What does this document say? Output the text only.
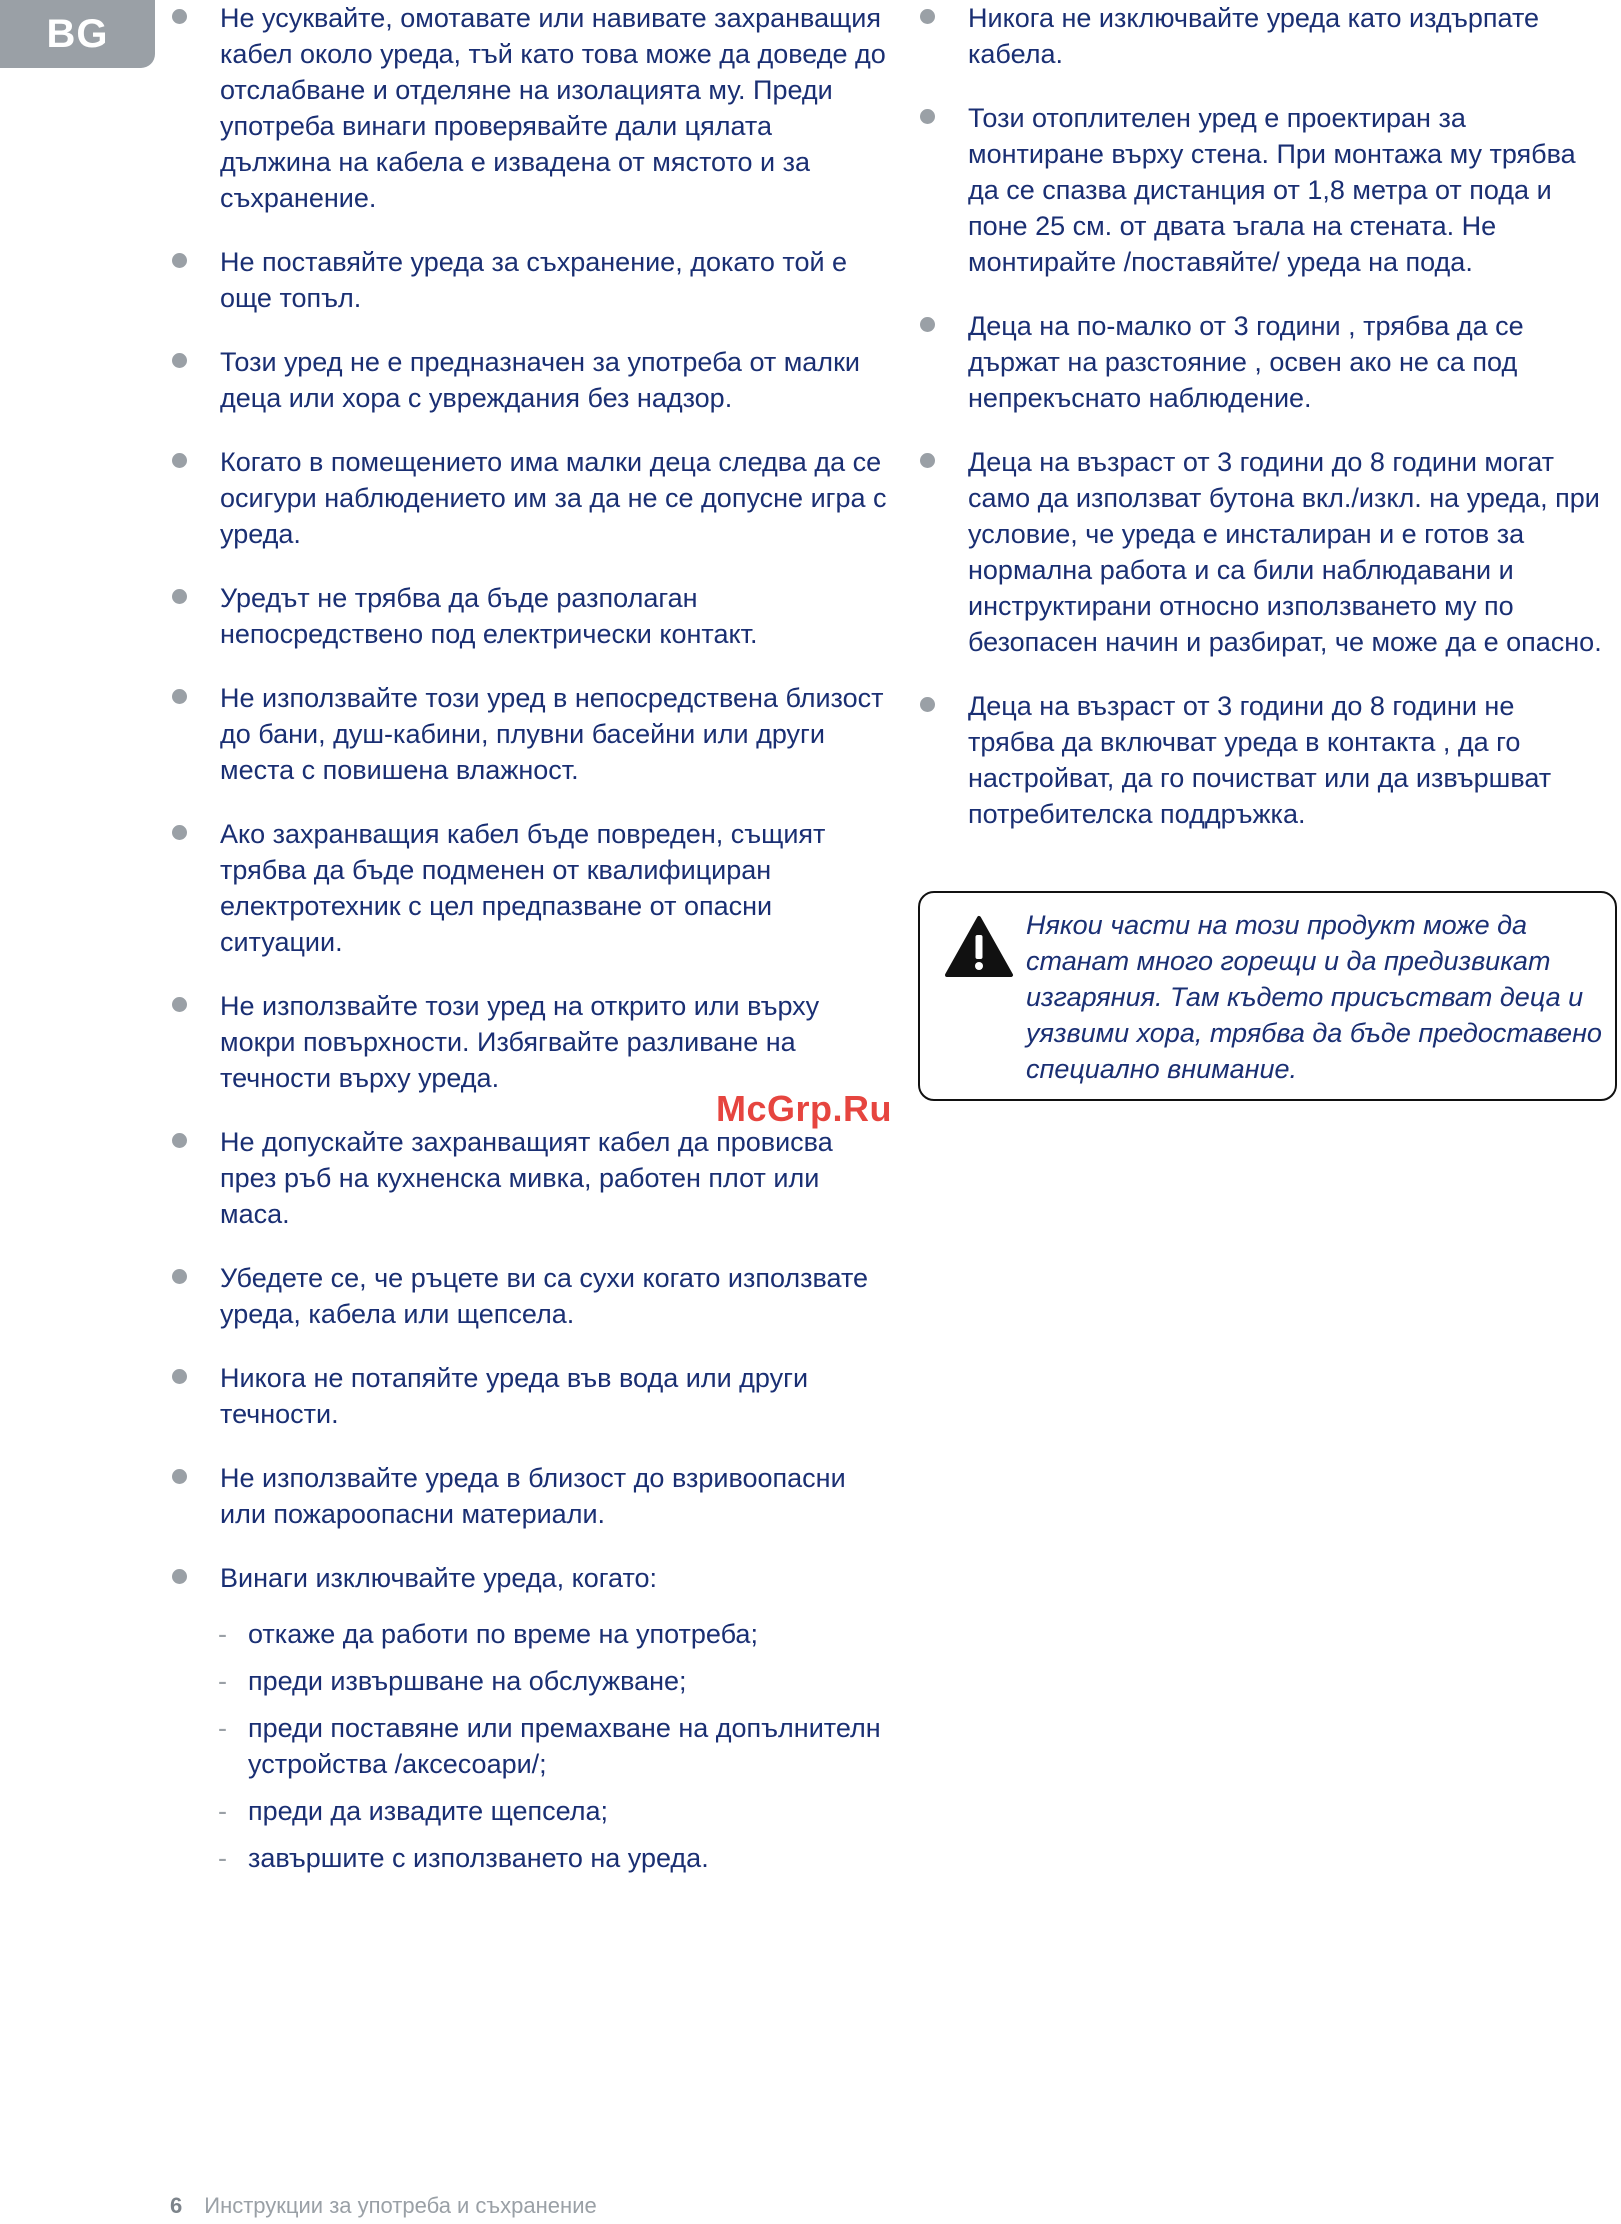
BG	Не усуквайте, омотавате или навивате захранващия кабел около уреда, тъй като това може да доведе до отслабване и отделяне на изолацията му. Преди употреба винаги проверявайте дали цялата дължина на кабела е извадена от мястото и за съхранение.
Не поставяйте уреда за съхранение, докато той е още топъл.
Този уред не е предназначен за употреба от малки деца или хора с увреждания без надзор.
Когато в помещението има малки деца следва да се осигури наблюдението им за да не се допусне игра с уреда.
Уредът не трябва да бъде разполаган непосредствено под електрически контакт.
Не използвайте този уред в непосредствена близост до бани, душ-кабини, плувни басейни или други места с повишена влажност.
Ако захранващия кабел бъде повреден, същият трябва да бъде подменен от квалифициран електротехник с цел предпазване от опасни ситуации.
Не използвайте този уред на открито или върху мокри повърхности. Избягвайте разливане на течности върху уреда.
Не допускайте захранващият кабел да провисва през ръб на кухненска мивка, работен плот или маса.
Убедете се, че ръцете ви са сухи когато използвате уреда, кабела или щепсела.
Никога не потапяйте уреда във вода или други течности.
Не използвайте уреда в близост до взривоопасни или пожароопасни материали.
Винаги изключвайте уреда, когато:
- откаже да работи по време на употреба;
- преди извършване на обслужване;
- преди поставяне или премахване на допълнителн устройства /аксесоари/;
- преди да извадите щепсела;
- завършите с използването на уреда.
Никога не изключвайте уреда като издърпате кабела.
Този отоплителен уред е проектиран за монтиране върху стена. При монтажа му трябва да се спазва дистанция от 1,8 метра от пода и поне 25 см. от двата ъгала на стената. Не монтирайте /поставяйте/ уреда на пода.
Деца на по-малко от 3 години , трябва да се държат на разстояние , освен ако не са под непрекъснато наблюдение.
Деца на възраст от 3 години до 8 години могат само да използват бутона вкл./изкл. на уреда, при условие, че уреда е инсталиран и е готов за нормална работа и са били наблюдавани и инструктирани относно използването му по безопасен начин и разбират, че може да е опасно.
Деца на възраст от 3 години до 8 години не трябва да включват уреда в контакта , да го настройват, да го почистват или да извършват потребителска поддръжка.
Някои части на този продукт може да станат много горещи и да предизвикат изгаряния. Там където присъстват деца и уязвими хора, трябва да бъде предоставено специално внимание.
McGrp.Ru
6 Инструкции за употреба и съхранение
